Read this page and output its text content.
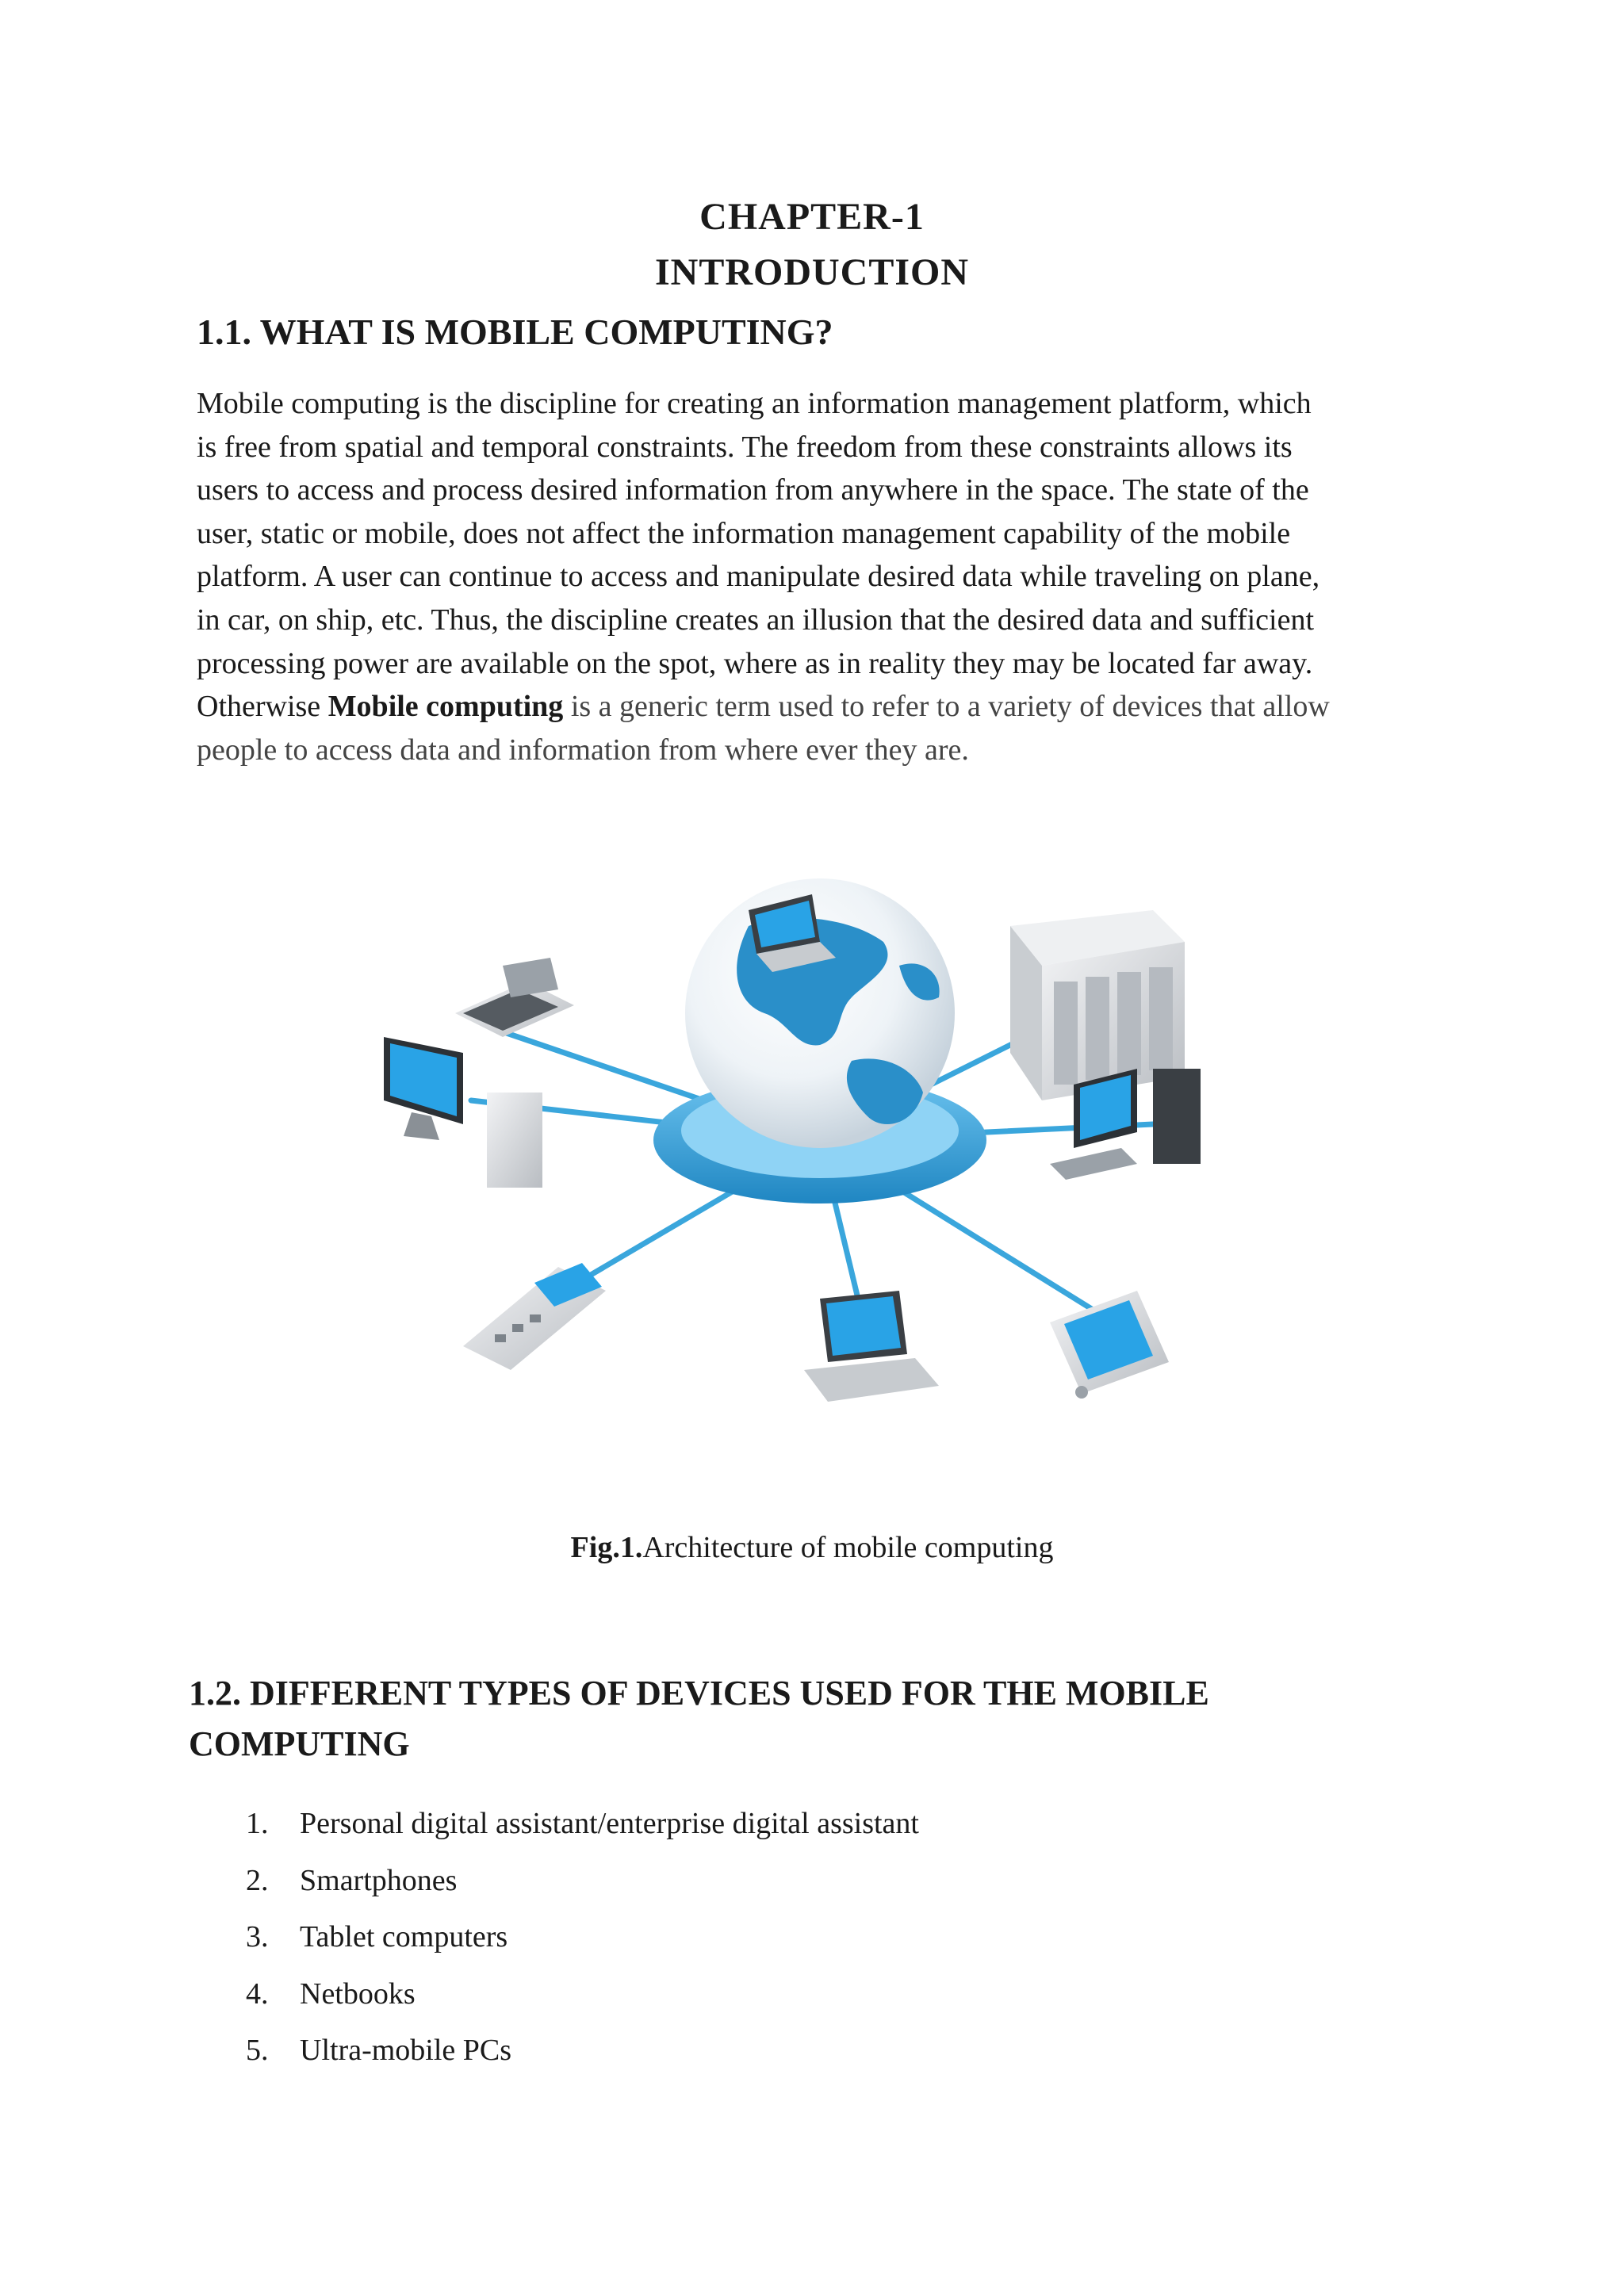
CHAPTER-1
INTRODUCTION
1.1. WHAT IS MOBILE COMPUTING?

Mobile computing is the discipline for creating an information management platform, which
is free from spatial and temporal constraints. The freedom from these constraints allows its
users to access and process desired information from anywhere in the space. The state of the
user, static or mobile, does not affect the information management capability of the mobile
platform. A user can continue to access and manipulate desired data while traveling on plane,
in car, on ship, etc. Thus, the discipline creates an illusion that the desired data and sufficient
processing power are available on the spot, where as in reality they may be located far away.
Otherwise Mobile computing is a generic term used to refer to a variety of devices that allow
people to access data and information from where ever they are.

Fig.1.Architecture of mobile computing
1.2. DIFFERENT TYPES OF DEVICES USED FOR THE MOBILE
COMPUTING
1. Personal digital assistant/enterprise digital assistant
2. Smartphones
3. Tablet computers
4. Netbooks
5. Ultra-mobile PCs
